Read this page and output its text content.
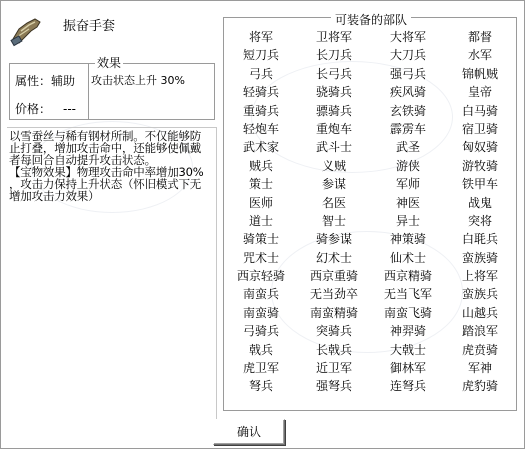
振奋手套
属性：辅助
价格： ---
攻击状态上升 30%
效果
以雪蚕丝与稀有钢材所制。不仅能够防
止打叠，增加攻击命中，还能够使佩戴
者每回合自动提升攻击状态。
【宝物效果】物理攻击命中率增加30%
，攻击力保持上升状态（怀旧模式下无
增加攻击力效果）
可装备的部队
将军	卫将军	大将军	都督
短刀兵	长刀兵	大刀兵	水军
弓兵	长弓兵	强弓兵	锦帆贼
轻骑兵	骁骑兵	疾风骑	皇帝
重骑兵	骠骑兵	玄铁骑	白马骑
轻炮车	重炮车	霹雳车	宿卫骑
武术家	武斗士	武圣	匈奴骑
贼兵	义贼	游侠	游牧骑
策士	参谋	军师	铁甲车
医师	名医	神医	战鬼
道士	智士	异士	突将
骑策士	骑参谋	神策骑	白毦兵
咒术士	幻术士	仙术士	蛮族骑
西京轻骑	西京重骑	西京精骑	上将军
南蛮兵	无当劲卒	无当飞军	蛮族兵
南蛮骑	南蛮精骑	南蛮飞骑	山越兵
弓骑兵	突骑兵	神羿骑	踏浪军
戟兵	长戟兵	大戟士	虎贲骑
虎卫军	近卫军	御林军	军神
弩兵	强弩兵	连弩兵	虎豹骑
确认
